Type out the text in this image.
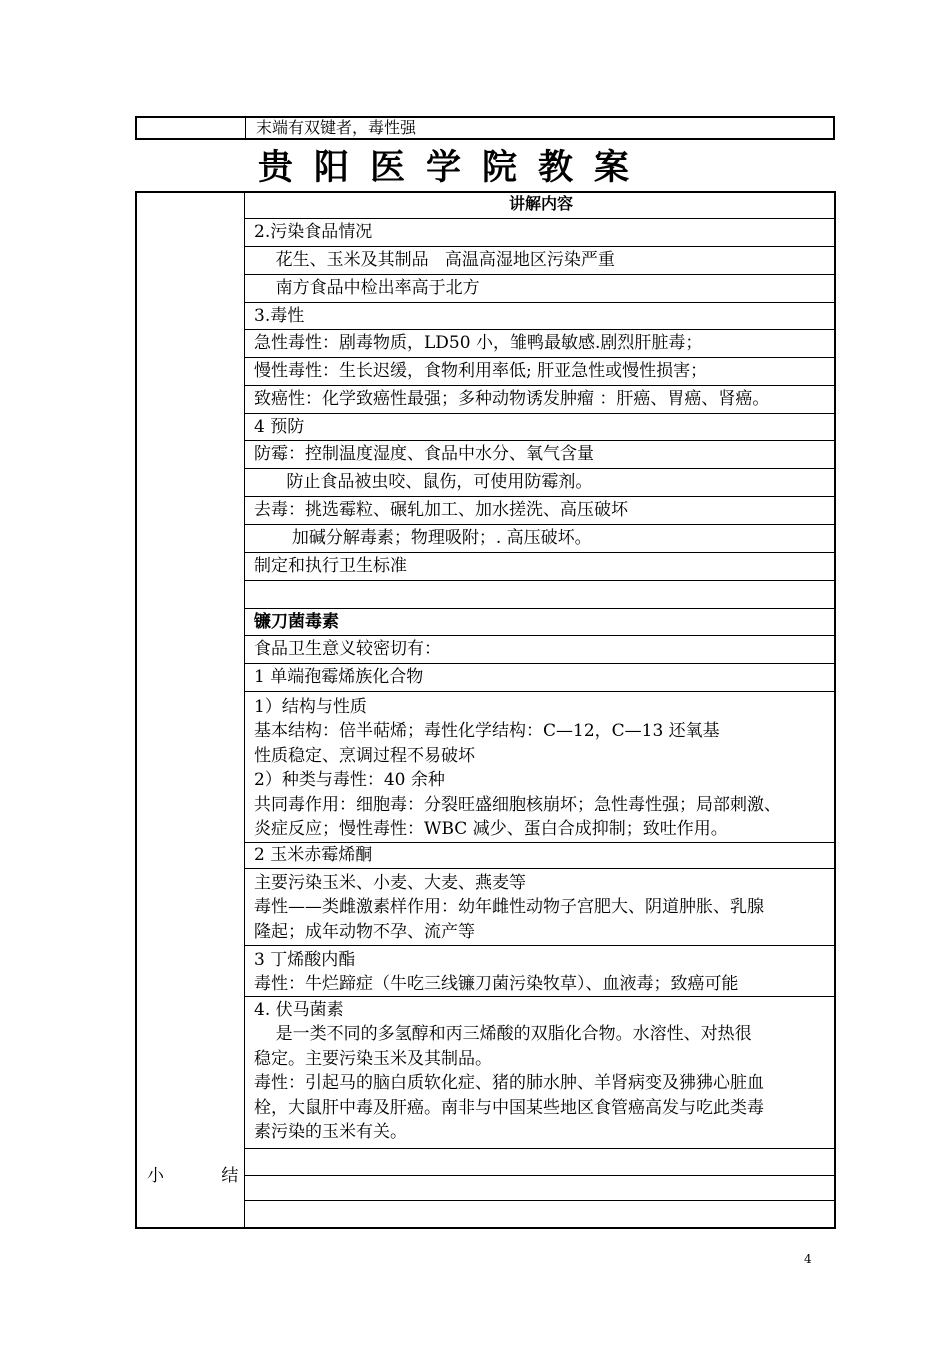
末端有双键者，毒性强
贵阳医学院教案
小 结
讲解内容
2.污染食品情况
花生、玉米及其制品   高温高湿地区污染严重
南方食品中检出率高于北方
3.毒性
急性毒性：剧毒物质，LD50 小，雏鸭最敏感.剧烈肝脏毒；
慢性毒性：生长迟缓，食物利用率低; 肝亚急性或慢性损害；
致癌性：化学致癌性最强；多种动物诱发肿瘤 ：肝癌、胃癌、肾癌。
4 预防
防霉：控制温度湿度、食品中水分、氧气含量
防止食品被虫咬、鼠伤，可使用防霉剂。
去毒：挑选霉粒、碾轧加工、加水搓洗、高压破坏
加碱分解毒素；物理吸附；. 高压破坏。
制定和执行卫生标准
镰刀菌毒素
食品卫生意义较密切有：
1 单端孢霉烯族化合物
1）结构与性质
基本结构：倍半萜烯；毒性化学结构：C—12，C—13 还氧基
性质稳定、烹调过程不易破坏
2）种类与毒性：40 余种
共同毒作用：细胞毒：分裂旺盛细胞核崩坏；急性毒性强；局部刺激、
炎症反应；慢性毒性：WBC 减少、蛋白合成抑制；致吐作用。
2 玉米赤霉烯酮
主要污染玉米、小麦、大麦、燕麦等
毒性——类雌激素样作用：幼年雌性动物子宫肥大、阴道肿胀、乳腺
隆起；成年动物不孕、流产等
3 丁烯酸内酯
毒性：牛烂蹄症（牛吃三线镰刀菌污染牧草）、血液毒；致癌可能
4. 伏马菌素
是一类不同的多氢醇和丙三烯酸的双脂化合物。水溶性、对热很
稳定。主要污染玉米及其制品。
毒性：引起马的脑白质软化症、猪的肺水肿、羊肾病变及狒狒心脏血
栓，大鼠肝中毒及肝癌。南非与中国某些地区食管癌高发与吃此类毒
素污染的玉米有关。
4
